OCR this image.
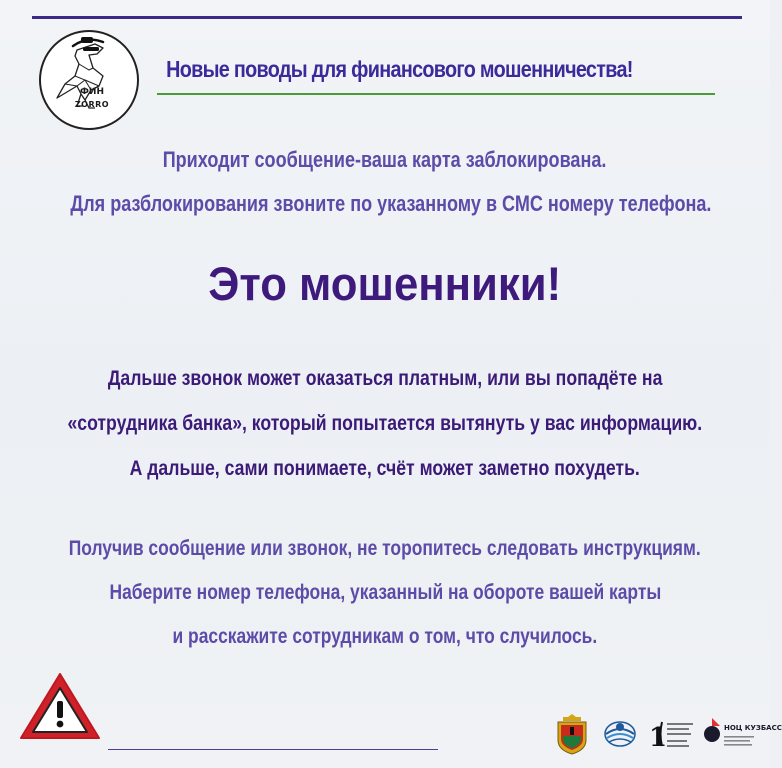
ФИН
ZORRO
Новые поводы для финансового мошенничества!
Приходит сообщение-ваша карта заблокирована.
Для разблокирования звоните по указанному в СМС номеру телефона.
Это мошенники!
Дальше звонок может оказаться платным, или вы попадёте на
«сотрудника банка», который попытается вытянуть у вас информацию.
А дальше, сами понимаете, счёт может заметно похудеть.
Получив сообщение или звонок, не торопитесь следовать инструкциям.
Наберите номер телефона, указанный на обороте вашей карты
и расскажите сотрудникам о том, что случилось.
1	НОЦ КУЗБАСС
